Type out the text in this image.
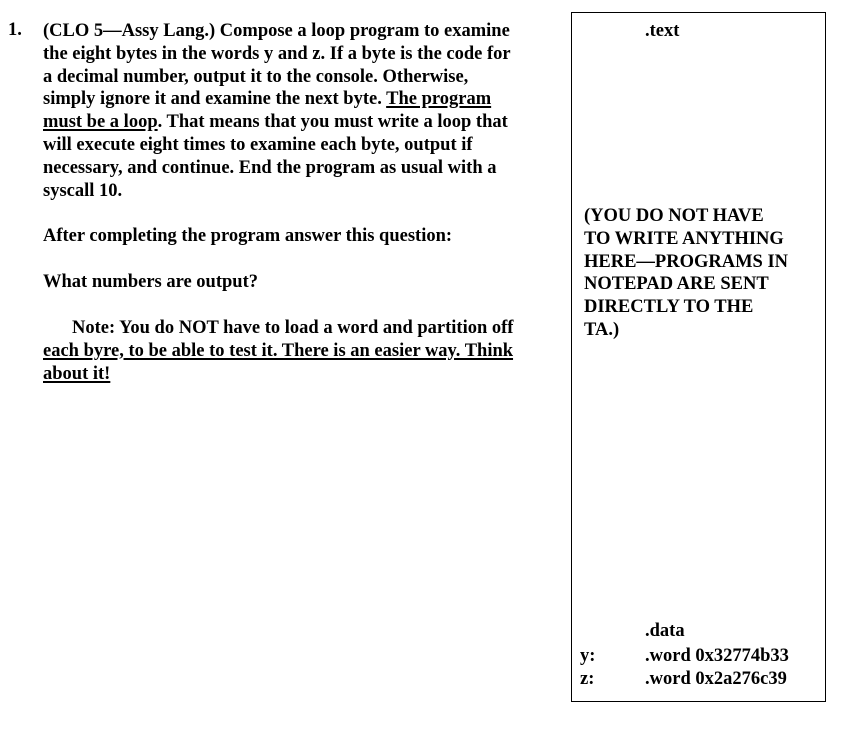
1. (CLO 5—Assy Lang.) Compose a loop program to examine
the eight bytes in the words y and z. If a byte is the code for
a decimal number, output it to the console. Otherwise,
simply ignore it and examine the next byte. The program
must be a loop. That means that you must write a loop that
will execute eight times to examine each byte, output if
necessary, and continue. End the program as usual with a
syscall 10.
After completing the program answer this question:
What numbers are output?
Note: You do NOT have to load a word and partition off
each byre, to be able to test it. There is an easier way. Think
about it!
.text
(YOU DO NOT HAVE
TO WRITE ANYTHING
HERE—PROGRAMS IN
NOTEPAD ARE SENT
DIRECTLY TO THE
TA.)
.data
y:	.word 0x32774b33
z:	.word 0x2a276c39
